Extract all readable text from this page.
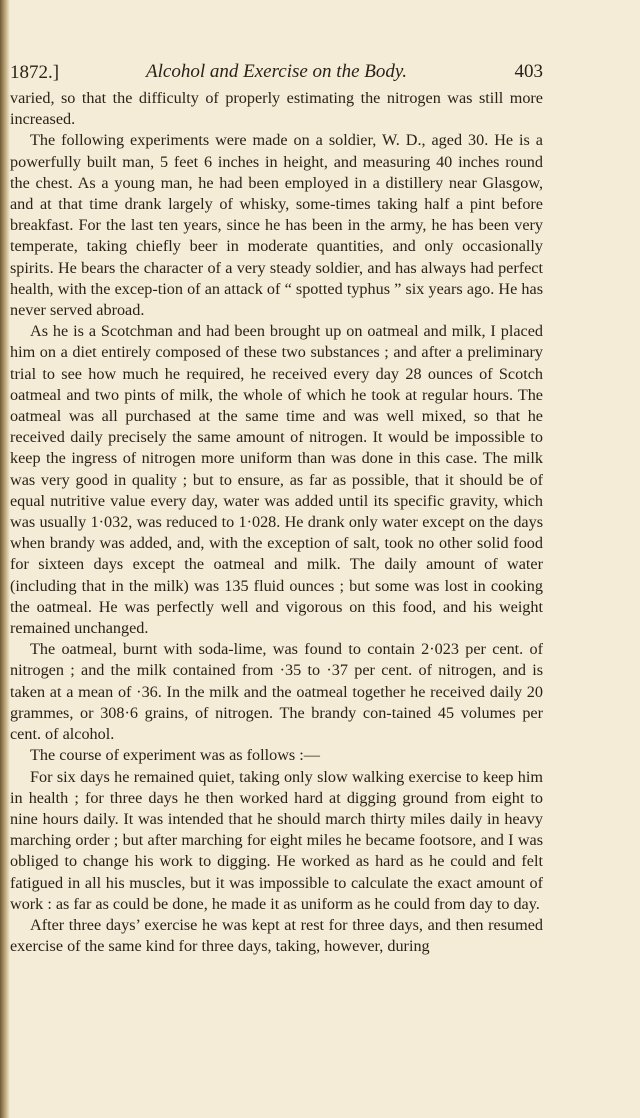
1872.]	Alcohol and Exercise on the Body.	403

varied, so that the difficulty of properly estimating the nitrogen was still more increased.

The following experiments were made on a soldier, W. D., aged 30. He is a powerfully built man, 5 feet 6 inches in height, and measuring 40 inches round the chest. As a young man, he had been employed in a distillery near Glasgow, and at that time drank largely of whisky, some-times taking half a pint before breakfast. For the last ten years, since he has been in the army, he has been very temperate, taking chiefly beer in moderate quantities, and only occasionally spirits. He bears the character of a very steady soldier, and has always had perfect health, with the excep-tion of an attack of “ spotted typhus ” six years ago. He has never served abroad.

As he is a Scotchman and had been brought up on oatmeal and milk, I placed him on a diet entirely composed of these two substances ; and after a preliminary trial to see how much he required, he received every day 28 ounces of Scotch oatmeal and two pints of milk, the whole of which he took at regular hours. The oatmeal was all purchased at the same time and was well mixed, so that he received daily precisely the same amount of nitrogen. It would be impossible to keep the ingress of nitrogen more uniform than was done in this case. The milk was very good in quality ; but to ensure, as far as possible, that it should be of equal nutritive value every day, water was added until its specific gravity, which was usually 1·032, was reduced to 1·028. He drank only water except on the days when brandy was added, and, with the exception of salt, took no other solid food for sixteen days except the oatmeal and milk. The daily amount of water (including that in the milk) was 135 fluid ounces ; but some was lost in cooking the oatmeal. He was perfectly well and vigorous on this food, and his weight remained unchanged.

The oatmeal, burnt with soda-lime, was found to contain 2·023 per cent. of nitrogen ; and the milk contained from ·35 to ·37 per cent. of nitrogen, and is taken at a mean of ·36. In the milk and the oatmeal together he received daily 20 grammes, or 308·6 grains, of nitrogen. The brandy con-tained 45 volumes per cent. of alcohol.

The course of experiment was as follows :—

For six days he remained quiet, taking only slow walking exercise to keep him in health ; for three days he then worked hard at digging ground from eight to nine hours daily. It was intended that he should march thirty miles daily in heavy marching order ; but after marching for eight miles he became footsore, and I was obliged to change his work to digging. He worked as hard as he could and felt fatigued in all his muscles, but it was impossible to calculate the exact amount of work : as far as could be done, he made it as uniform as he could from day to day.

After three days’ exercise he was kept at rest for three days, and then resumed exercise of the same kind for three days, taking, however, during
